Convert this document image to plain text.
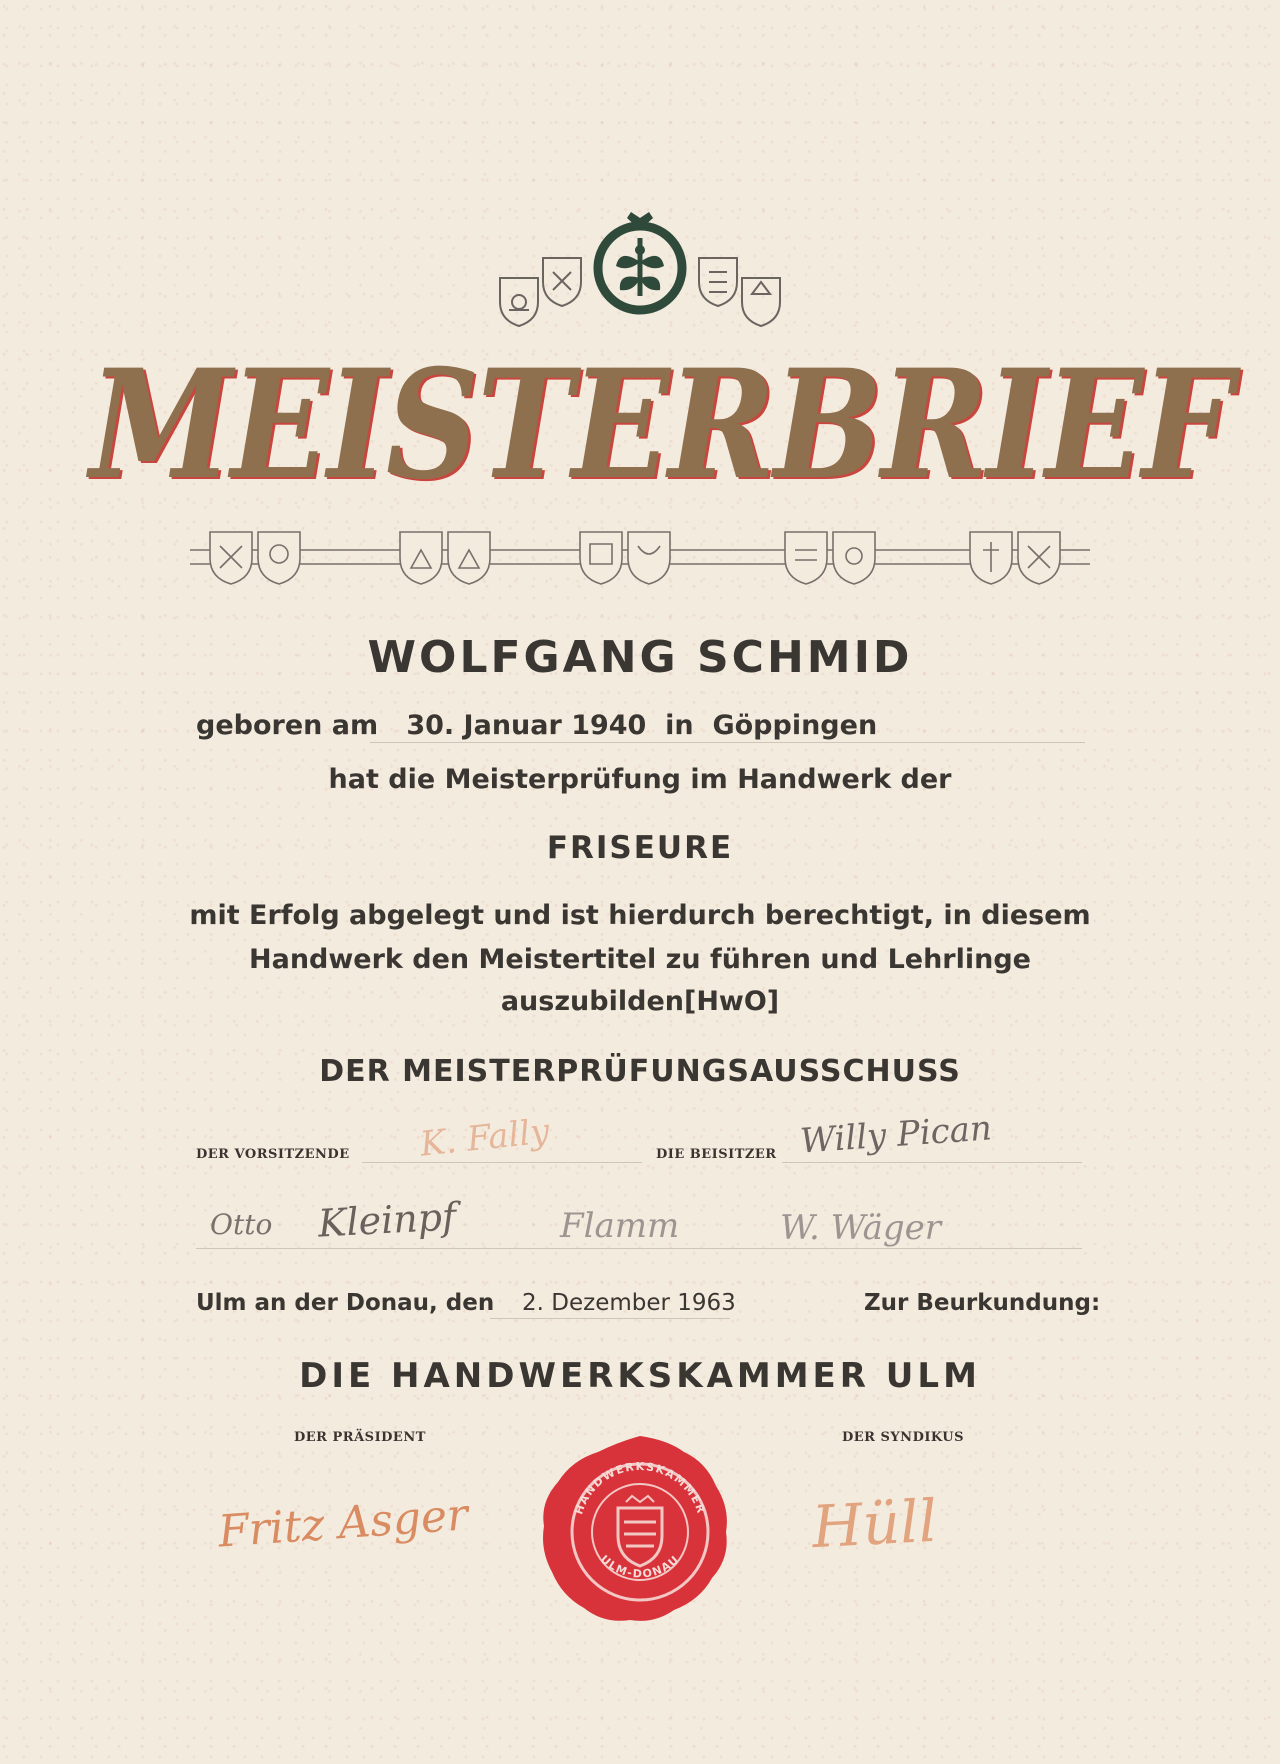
MEISTERBRIEF
WOLFGANG SCHMID
geboren am 30. Januar 1940 in Göppingen
hat die Meisterprüfung im Handwerk der
FRISEURE
mit Erfolg abgelegt und ist hierdurch berechtigt, in diesem
Handwerk den Meistertitel zu führen und Lehrlinge
auszubilden[HwO]
DER MEISTERPRÜFUNGSAUSSCHUSS
DER VORSITZENDE K. Fally	DIE BEISITZER Willy Pican
Otto Kleinpf	Flamm	W. Wäger
Ulm an der Donau, den 2. Dezember 1963	Zur Beurkundung:
DIE HANDWERKSKAMMER ULM
DER PRÄSIDENT
Fritz Asger
DER SYNDIKUS
Hüll
HANDWERKSKAMMER
ULM-DONAU
